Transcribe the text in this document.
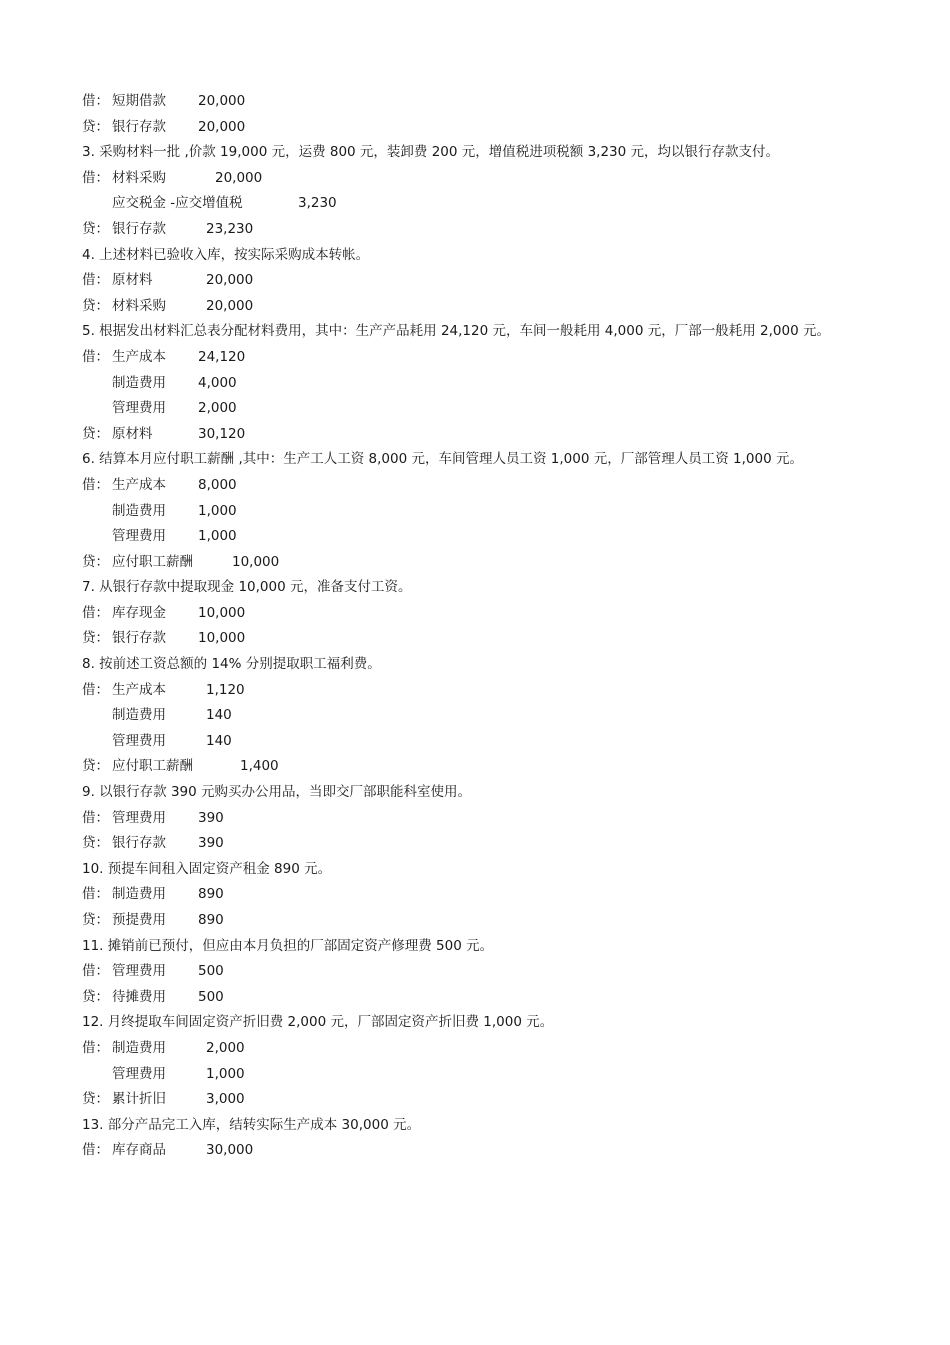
借： 短期借款 20,000
贷： 银行存款 20,000
3. 采购材料一批 ,价款 19,000 元，运费 800 元，装卸费 200 元，增值税进项税额 3,230 元，均以银行存款支付。
借： 材料采购	20,000
应交税金 -应交增值税	3,230
贷： 银行存款	23,230
4. 上述材料已验收入库，按实际采购成本转帐。
借： 原材料	20,000
贷： 材料采购	20,000
5. 根据发出材料汇总表分配材料费用，其中：生产产品耗用 24,120 元，车间一般耗用 4,000 元，厂部一般耗用 2,000 元。
借： 生产成本 24,120
制造费用 4,000
管理费用 2,000
贷： 原材料	30,120
6. 结算本月应付职工薪酬 ,其中：生产工人工资 8,000 元，车间管理人员工资 1,000 元，厂部管理人员工资 1,000 元。
借： 生产成本 8,000
制造费用 1,000
管理费用 1,000
贷： 应付职工薪酬	10,000
7. 从银行存款中提取现金 10,000 元，准备支付工资。
借： 库存现金 10,000
贷： 银行存款 10,000
8. 按前述工资总额的 14% 分别提取职工福利费。
借： 生产成本	1,120
制造费用	140
管理费用	140
贷： 应付职工薪酬	1,400
9. 以银行存款 390 元购买办公用品，当即交厂部职能科室使用。
借： 管理费用 390
贷： 银行存款 390
10. 预提车间租入固定资产租金 890 元。
借： 制造费用 890
贷： 预提费用 890
11. 摊销前已预付，但应由本月负担的厂部固定资产修理费 500 元。
借： 管理费用 500
贷： 待摊费用 500
12. 月终提取车间固定资产折旧费 2,000 元，厂部固定资产折旧费 1,000 元。
借： 制造费用	2,000
管理费用	1,000
贷： 累计折旧	3,000
13. 部分产品完工入库，结转实际生产成本 30,000 元。
借： 库存商品	30,000
